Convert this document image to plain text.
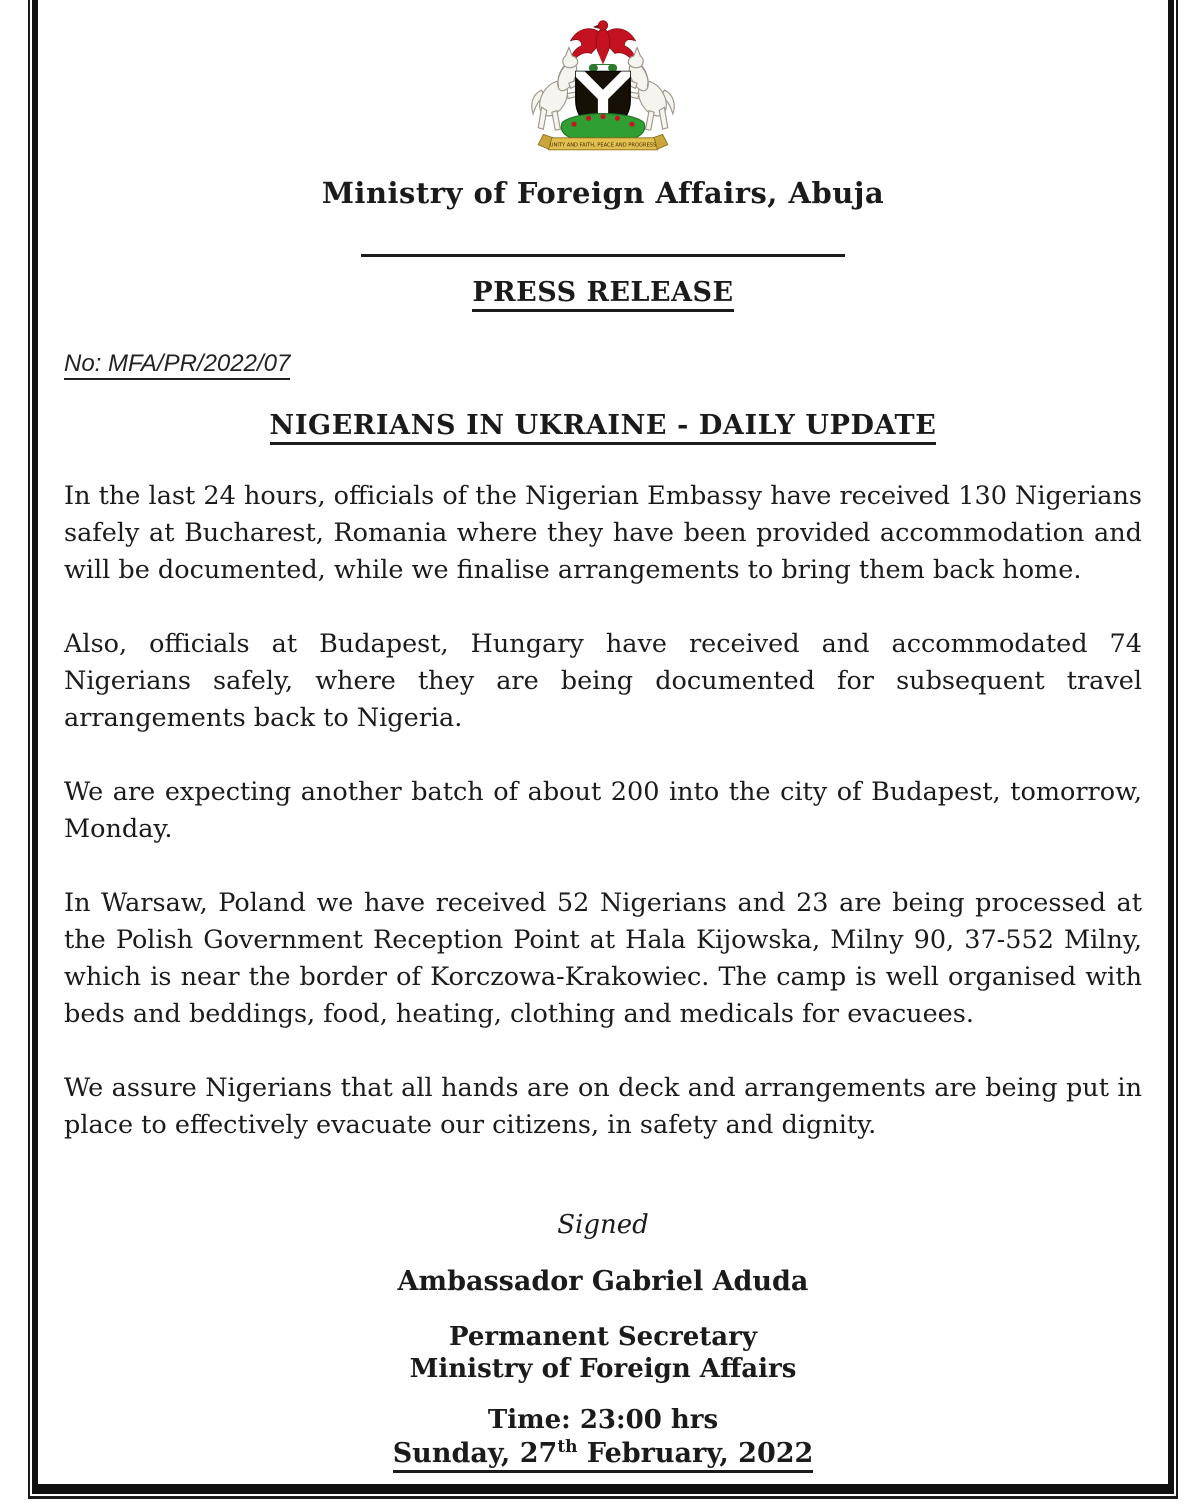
UNITY AND FAITH, PEACE AND PROGRESS
Ministry of Foreign Affairs, Abuja
PRESS RELEASE
No: MFA/PR/2022/07
NIGERIANS IN UKRAINE - DAILY UPDATE

In the last 24 hours, officials of the Nigerian Embassy have received 130 Nigerians safely at Bucharest, Romania where they have been provided accommodation and will be documented, while we finalise arrangements to bring them back home.

Also, officials at Budapest, Hungary have received and accommodated 74 Nigerians safely, where they are being documented for subsequent travel arrangements back to Nigeria.

We are expecting another batch of about 200 into the city of Budapest, tomorrow, Monday.

In Warsaw, Poland we have received 52 Nigerians and 23 are being processed at the Polish Government Reception Point at Hala Kijowska, Milny 90, 37-552 Milny, which is near the border of Korczowa-Krakowiec. The camp is well organised with beds and beddings, food, heating, clothing and medicals for evacuees.

We assure Nigerians that all hands are on deck and arrangements are being put in place to effectively evacuate our citizens, in safety and dignity.

Signed
Ambassador Gabriel Aduda
Permanent Secretary
Ministry of Foreign Affairs
Time: 23:00 hrs
Sunday, 27th February, 2022
